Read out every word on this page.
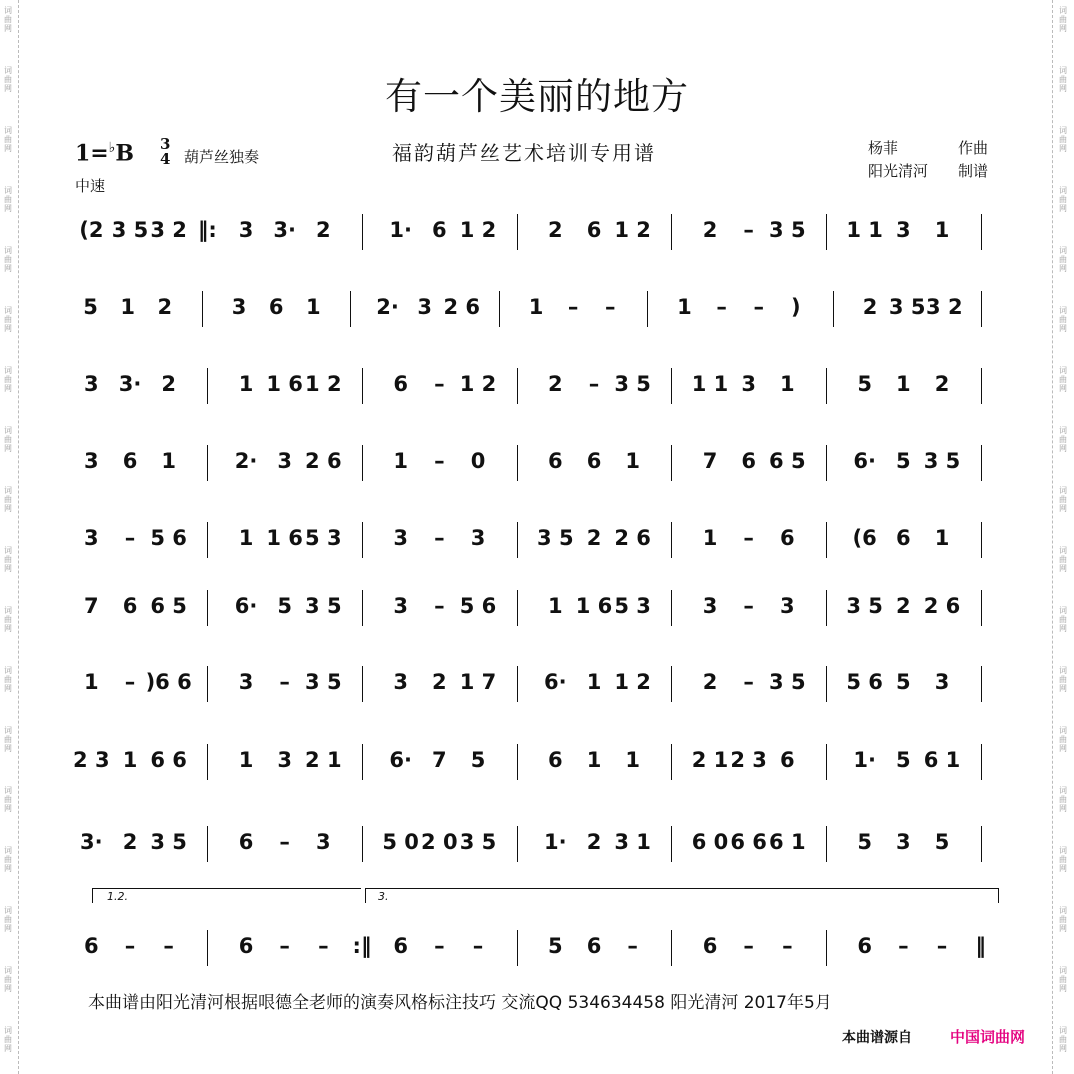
有一个美丽的地方
1=♭B 3
4 葫芦丝独奏
中速
福韵葫芦丝艺术培训专用谱	杨菲	作曲
阳光清河 制谱
(2 3 5 3 2 ‖: 3 3· 2	1· 6 1 2 2 6 1 2 2 – 3 5 1 1 3 1
5 1 2	3 6 1	2· 3 2 6 1 – –	1 – – )	2 3 5 3 2
3 3· 2	1 1 6 1 2 6 – 1 2 2 – 3 5 1 1 3 1	5 1 2
3 6 1	2· 3 2 6 1 – 0	6 6 1	7 6 6 5 6· 5 3 5
3 – 5 6 1 1 6 5 3 3 – 3 3 5 2 2 6 1 – 6	(6 6 1
7 6 6 5 6· 5 3 5 3 – 5 6 1 1 6 5 3 3 – 3 3 5 2 2 6
1 – )6 6 3 – 3 5 3 2 1 7 6· 1 1 2 2 – 3 5 5 6 5 3
2 3 1 6 6 1 3 2 1 6· 7 5	6 1 1 2 1 2 3 6	1· 5 6 1
3· 2 3 5 6 – 3 5 0 2 0 3 5 1· 2 3 1 6 0 6 6 6 1 5 3 5
6 – –	6 – – :‖ 6 – –	5 6 –	6 – –	6 – – ‖
1.2.	3.
本曲谱由阳光清河根据哏德全老师的演奏风格标注技巧 交流QQ 534634458 阳光清河 2017年5月
本曲谱源自	中国词曲网
词曲网
词曲网
词曲网
词曲网
词曲网
词曲网
词曲网
词曲网
词曲网
词曲网
词曲网
词曲网
词曲网
词曲网
词曲网
词曲网
词曲网
词曲网
词曲网
词曲网
词曲网
词曲网
词曲网
词曲网
词曲网
词曲网
词曲网
词曲网
词曲网
词曲网
词曲网
词曲网
词曲网
词曲网
词曲网
词曲网
